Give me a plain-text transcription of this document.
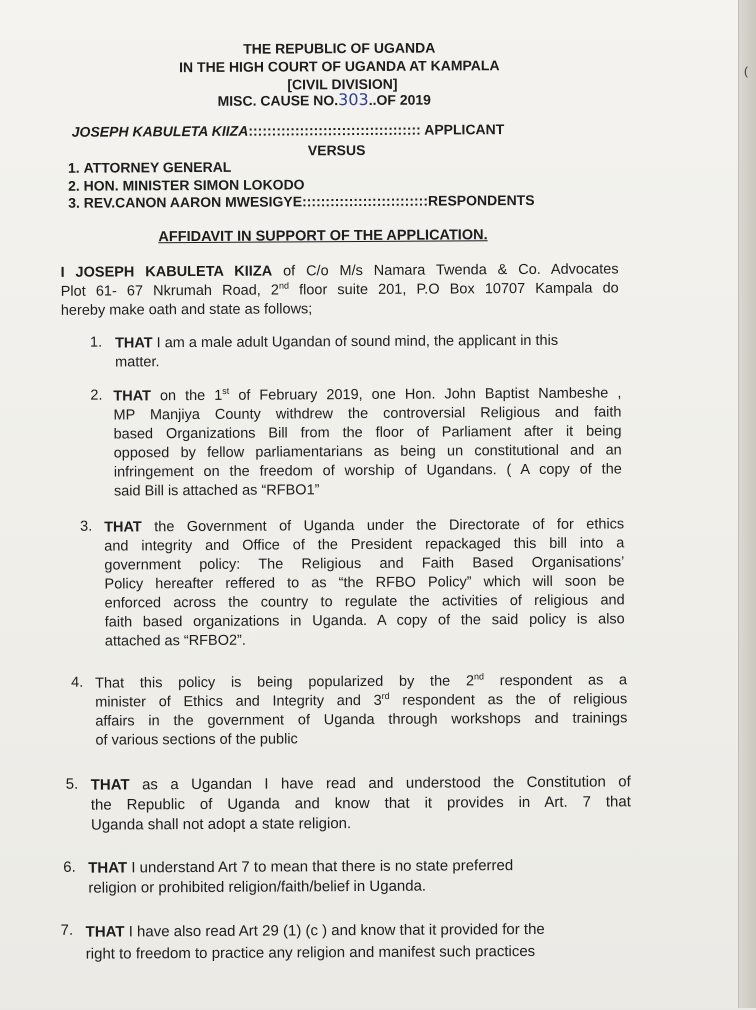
(
THE REPUBLIC OF UGANDA
IN THE HIGH COURT OF UGANDA AT KAMPALA
[CIVIL DIVISION]
MISC. CAUSE NO.303..OF 2019
JOSEPH KABULETA KIIZA::::::::::::::::::::::::::::::::::::: APPLICANT
VERSUS
1. ATTORNEY GENERAL
2. HON. MINISTER SIMON LOKODO
3. REV.CANON AARON MWESIGYE:::::::::::::::::::::::::::RESPONDENTS
AFFIDAVIT IN SUPPORT OF THE APPLICATION.
I JOSEPH KABULETA KIIZA of C/o M/s Namara Twenda & Co. Advocates
Plot 61- 67 Nkrumah Road, 2nd floor suite 201, P.O Box 10707 Kampala do
hereby make oath and state as follows;
1. THAT I am a male adult Ugandan of sound mind, the applicant in this
matter.
2. THAT on the 1st of February 2019, one Hon. John Baptist Nambeshe ,
MP Manjiya County withdrew the controversial Religious and faith
based Organizations Bill from the floor of Parliament after it being
opposed by fellow parliamentarians as being un constitutional and an
infringement on the freedom of worship of Ugandans. ( A copy of the
said Bill is attached as “RFBO1”
3. THAT the Government of Uganda under the Directorate of for ethics
and integrity and Office of the President repackaged this bill into a
government policy: The Religious and Faith Based Organisations’
Policy hereafter reffered to as “the RFBO Policy” which will soon be
enforced across the country to regulate the activities of religious and
faith based organizations in Uganda. A copy of the said policy is also
attached as “RFBO2”.
4. That this policy is being popularized by the 2nd respondent as a
minister of Ethics and Integrity and 3rd respondent as the of religious
affairs in the government of Uganda through workshops and trainings
of various sections of the public
5. THAT as a Ugandan I have read and understood the Constitution of
the Republic of Uganda and know that it provides in Art. 7 that
Uganda shall not adopt a state religion.
6. THAT I understand Art 7 to mean that there is no state preferred
religion or prohibited religion/faith/belief in Uganda.
7. THAT I have also read Art 29 (1) (c ) and know that it provided for the
right to freedom to practice any religion and manifest such practices
